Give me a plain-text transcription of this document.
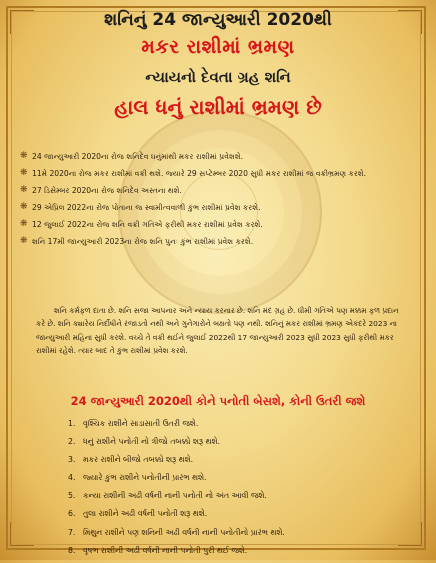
શનિનું 24 જાન્યુઆરી 2020થી
મકર રાશીમાં ભ્રમણ
ન્યાયનો દેવતા ગ્રહ શનિ
હાલ ધનું રાશીમાં ભ્રમણ છે
❋ 24 જાન્યુઆરી 2020ના રોજ શનિદેવ ધનુંમાંથી મકર રાશીમાં પ્રવેશશે.
❋ 11મે 2020ના રોજ મકર રાશીમાં વક્રી થશે. જ્યારે 29 સપ્ટેમ્બર 2020 સુધી મકર રાશીમાં જ વક્રીભ્રમણ કરશે.
❋ 27 ડિસેમ્બર 2020ના રોજ શનિદેવ અસ્તના થશે.
❋ 29 એપ્રિલ 2022ના રોજ પોતાના જ સ્વામીત્વવાળી કુંભ રાશીમાં પ્રવેશ કરશે.
❋ 12 જુલાઈ 2022ના રોજ શનિ વક્રી ગતિએ ફરીથી મકર રાશીમાં પ્રવેશ કરશે.
❋ શનિ 17મી જાન્યુઆરી 2023ના રોજ શનિ પુનઃ કુંભ રાશીમાં પ્રવેશ કરશે.

શનિ કર્મફળ દાતા છે. શનિ સજા આપનાર અને ન્યાય કરનાર છે. શનિ મંદ ગ્રહ છે. ધીમી ગતિએ પણ મક્કમ ફળ પ્રદાન કરે છે. શનિ ક્યારેય નિર્દોષીને રંજાડતો નથી અને ગુનેગારોને બક્ષતો પણ નથી. શનિનું મકર રાશીમાં ભ્રમણ એકંદરે 2023 ના જાન્યુઆરી મહિના સુધી કરશે. વચ્ચે તે વક્રી થઈને જુલાઈ 2022થી 17 જાન્યુઆરી 2023 સુધી 2023 સુધી ફરીથી મકર રાશીમાં રહેશે. ત્યાર બાદ તે કુંભ રાશીમાં પ્રવેશ કરશે.

24 જાન્યુઆરી 2020થી કોને પનોતી બેસશે, કોની ઉતરી જશે
1. વૃશ્ચિક રાશીને સાડાસાતી ઉતરી જશે.
2. ધનું રાશીને પનોતી નો ત્રીજો તબક્કો શરૂ થશે.
3. મકર રાશીને બીજો તબક્કો શરૂ થશે.
4. જ્યારે કુંભ રાશીને પનોતીની પ્રારંભ થશે.
5. કન્યા રાશીની અઢી વર્ષની નાની પનોતી નો અંત આવી જશે.
6. તુલા રાશીને અઢી વર્ષની પનોતી શરૂ થશે.
7. મિથુન રાશીને પણ શનિની અઢી વર્ષની નાની પનોતીનો પ્રારંભ થશે.
8. વૃષભ રાશીની અઢી વર્ષની નાની પનોતી પુરી થઈ જશે.
